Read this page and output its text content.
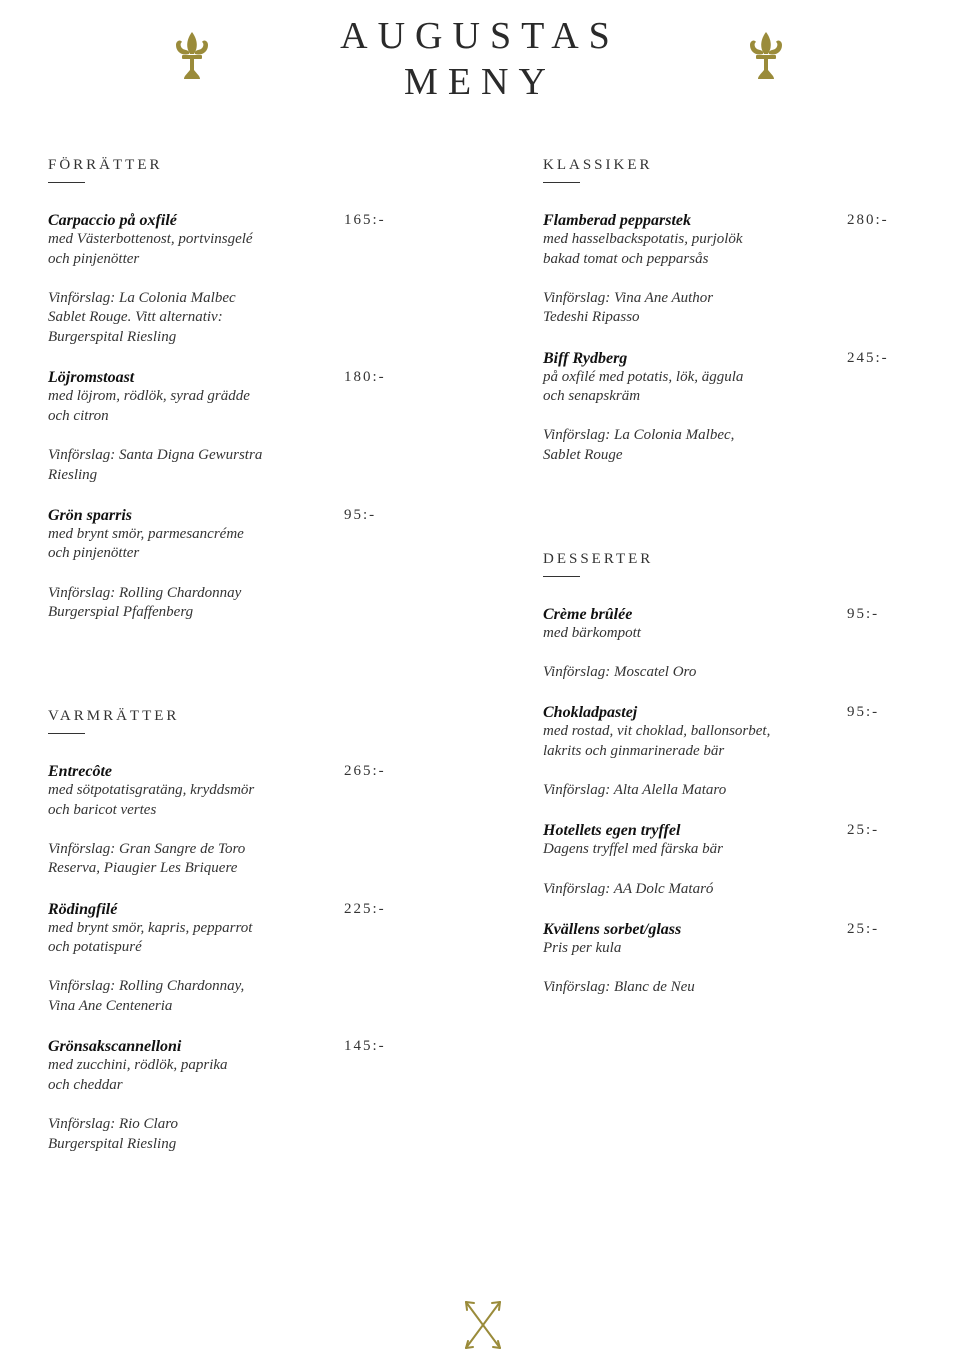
AUGUSTAS
MENY
FÖRRÄTTER
Carpaccio på oxfilé	165:-
med Västerbottenost, portvinsgelé
och pinjenötter
Vinförslag: La Colonia Malbec
Sablet Rouge. Vitt alternativ:
Burgerspital Riesling
Löjromstoast	180:-
med löjrom, rödlök, syrad grädde
och citron
Vinförslag: Santa Digna Gewurstra
Riesling
Grön sparris	95:-
med brynt smör, parmesancréme
och pinjenötter
Vinförslag: Rolling Chardonnay
Burgerspial Pfaffenberg
VARMRÄTTER
Entrecôte	265:-
med sötpotatisgratäng, kryddsmör
och baricot vertes
Vinförslag: Gran Sangre de Toro
Reserva, Piaugier Les Briquere
Rödingfilé	225:-
med brynt smör, kapris, pepparrot
och potatispuré
Vinförslag: Rolling Chardonnay,
Vina Ane Centeneria
Grönsakscannelloni	145:-
med zucchini, rödlök, paprika
och cheddar
Vinförslag: Rio Claro
Burgerspital Riesling
KLASSIKER
Flamberad pepparstek	280:-
med hasselbackspotatis, purjolök
bakad tomat och pepparsås
Vinförslag: Vina Ane Author
Tedeshi Ripasso
Biff Rydberg	245:-
på oxfilé med potatis, lök, äggula
och senapskräm
Vinförslag: La Colonia Malbec,
Sablet Rouge
DESSERTER
Crème brûlée	95:-
med bärkompott
Vinförslag: Moscatel Oro
Chokladpastej	95:-
med rostad, vit choklad, ballonsorbet,
lakrits och ginmarinerade bär
Vinförslag: Alta Alella Mataro
Hotellets egen tryffel	25:-
Dagens tryffel med färska bär
Vinförslag: AA Dolc Mataró
Kvällens sorbet/glass	25:-
Pris per kula
Vinförslag: Blanc de Neu
